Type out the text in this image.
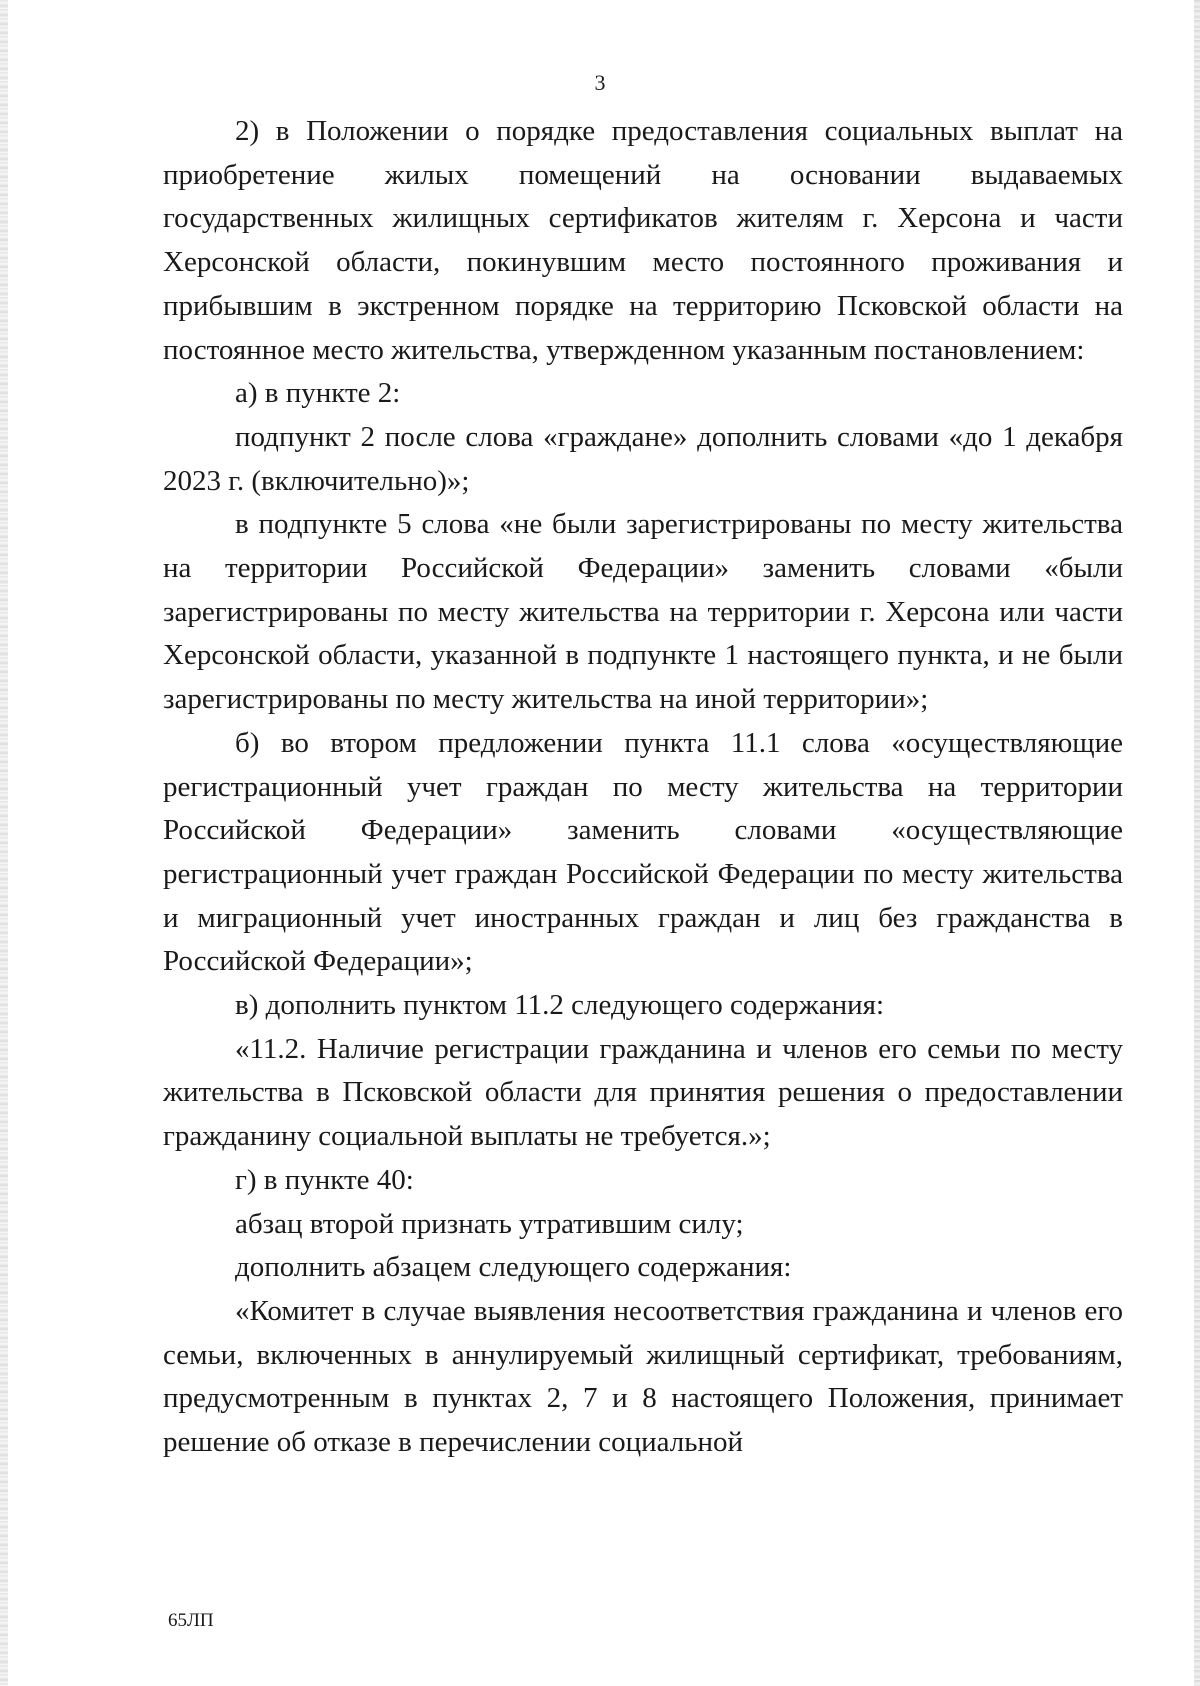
3

2) в Положении о порядке предоставления социальных выплат на приобретение жилых помещений на основании выдаваемых государственных жилищных сертификатов жителям г. Херсона и части Херсонской области, покинувшим место постоянного проживания и прибывшим в экстренном порядке на территорию Псковской области на постоянное место жительства, утвержденном указанным постановлением:

а) в пункте 2:

подпункт 2 после слова «граждане» дополнить словами «до 1 декабря 2023 г. (включительно)»;

в подпункте 5 слова «не были зарегистрированы по месту жительства на территории Российской Федерации» заменить словами «были зарегистрированы по месту жительства на территории г. Херсона или части Херсонской области, указанной в подпункте 1 настоящего пункта, и не были зарегистрированы по месту жительства на иной территории»;

б) во втором предложении пункта 11.1 слова «осуществляющие регистрационный учет граждан по месту жительства на территории Российской Федерации» заменить словами «осуществляющие регистрационный учет граждан Российской Федерации по месту жительства и миграционный учет иностранных граждан и лиц без гражданства в Российской Федерации»;

в) дополнить пунктом 11.2 следующего содержания:

«11.2. Наличие регистрации гражданина и членов его семьи по месту жительства в Псковской области для принятия решения о предоставлении гражданину социальной выплаты не требуется.»;

г) в пункте 40:

абзац второй признать утратившим силу;

дополнить абзацем следующего содержания:

«Комитет в случае выявления несоответствия гражданина и членов его семьи, включенных в аннулируемый жилищный сертификат, требованиям, предусмотренным в пунктах 2, 7 и 8 настоящего Положения, принимает решение об отказе в перечислении социальной

65ЛП
